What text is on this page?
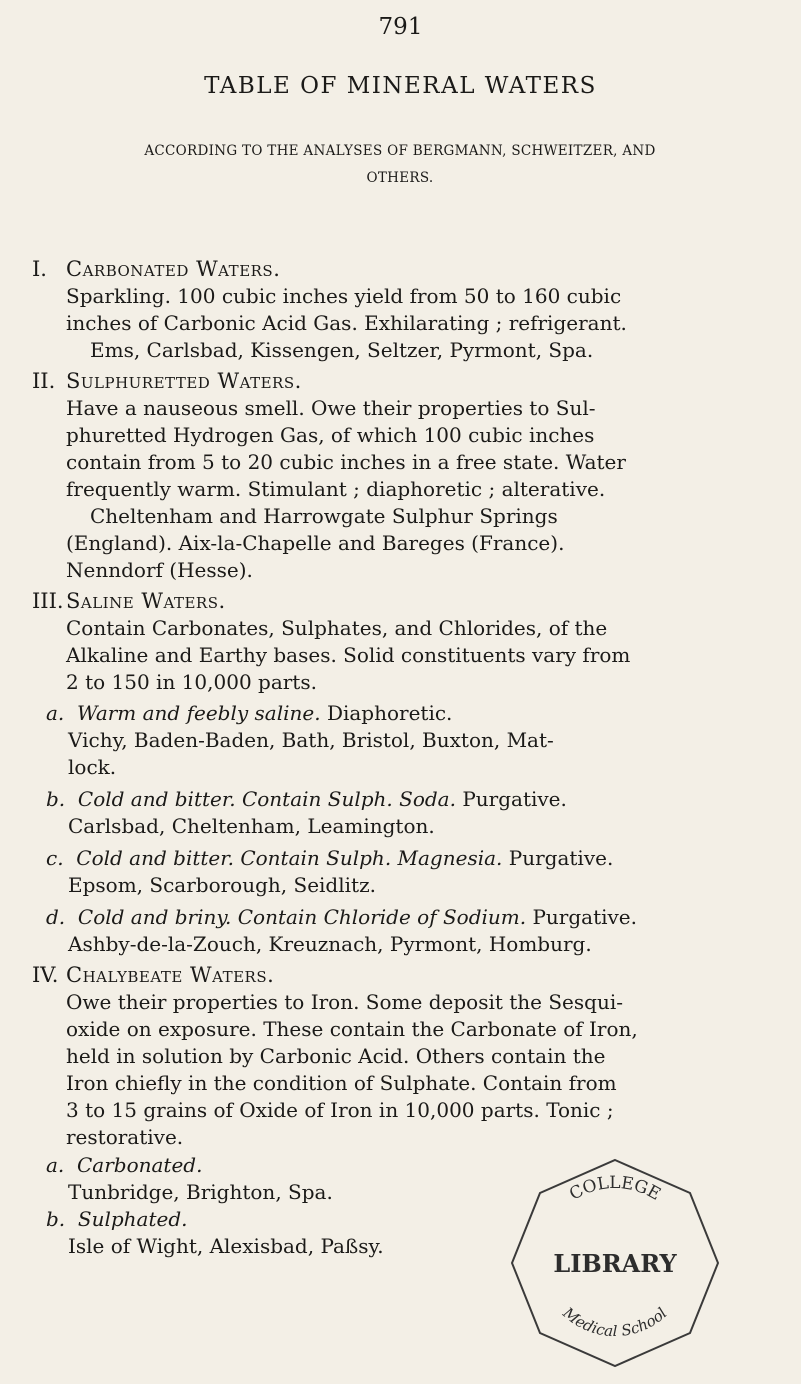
791
TABLE OF MINERAL WATERS
ACCORDING TO THE ANALYSES OF BERGMANN, SCHWEITZER, AND
OTHERS.
I. Carbonated Waters.
Sparkling. 100 cubic inches yield from 50 to 160 cubic
inches of Carbonic Acid Gas. Exhilarating ; refrigerant.
Ems, Carlsbad, Kissengen, Seltzer, Pyrmont, Spa.
II. Sulphuretted Waters.
Have a nauseous smell. Owe their properties to Sul-
phuretted Hydrogen Gas, of which 100 cubic inches
contain from 5 to 20 cubic inches in a free state. Water
frequently warm. Stimulant ; diaphoretic ; alterative.
Cheltenham and Harrowgate Sulphur Springs
(England). Aix-la-Chapelle and Bareges (France).
Nenndorf (Hesse).
III. Saline Waters.
Contain Carbonates, Sulphates, and Chlorides, of the
Alkaline and Earthy bases. Solid constituents vary from
2 to 150 in 10,000 parts.
a. Warm and feebly saline. Diaphoretic.
Vichy, Baden-Baden, Bath, Bristol, Buxton, Mat-
lock.
b. Cold and bitter. Contain Sulph. Soda. Purgative.
Carlsbad, Cheltenham, Leamington.
c. Cold and bitter. Contain Sulph. Magnesia. Purgative.
Epsom, Scarborough, Seidlitz.
d. Cold and briny. Contain Chloride of Sodium. Purgative.
Ashby-de-la-Zouch, Kreuznach, Pyrmont, Homburg.
IV. Chalybeate Waters.
Owe their properties to Iron. Some deposit the Sesqui-
oxide on exposure. These contain the Carbonate of Iron,
held in solution by Carbonic Acid. Others contain the
Iron chiefly in the condition of Sulphate. Contain from
3 to 15 grains of Oxide of Iron in 10,000 parts. Tonic ;
restorative.
a. Carbonated.
Tunbridge, Brighton, Spa.
b. Sulphated.
Isle of Wight, Alexisbad, Paßsy.
COLLEGE
LIBRARY
Medical School
